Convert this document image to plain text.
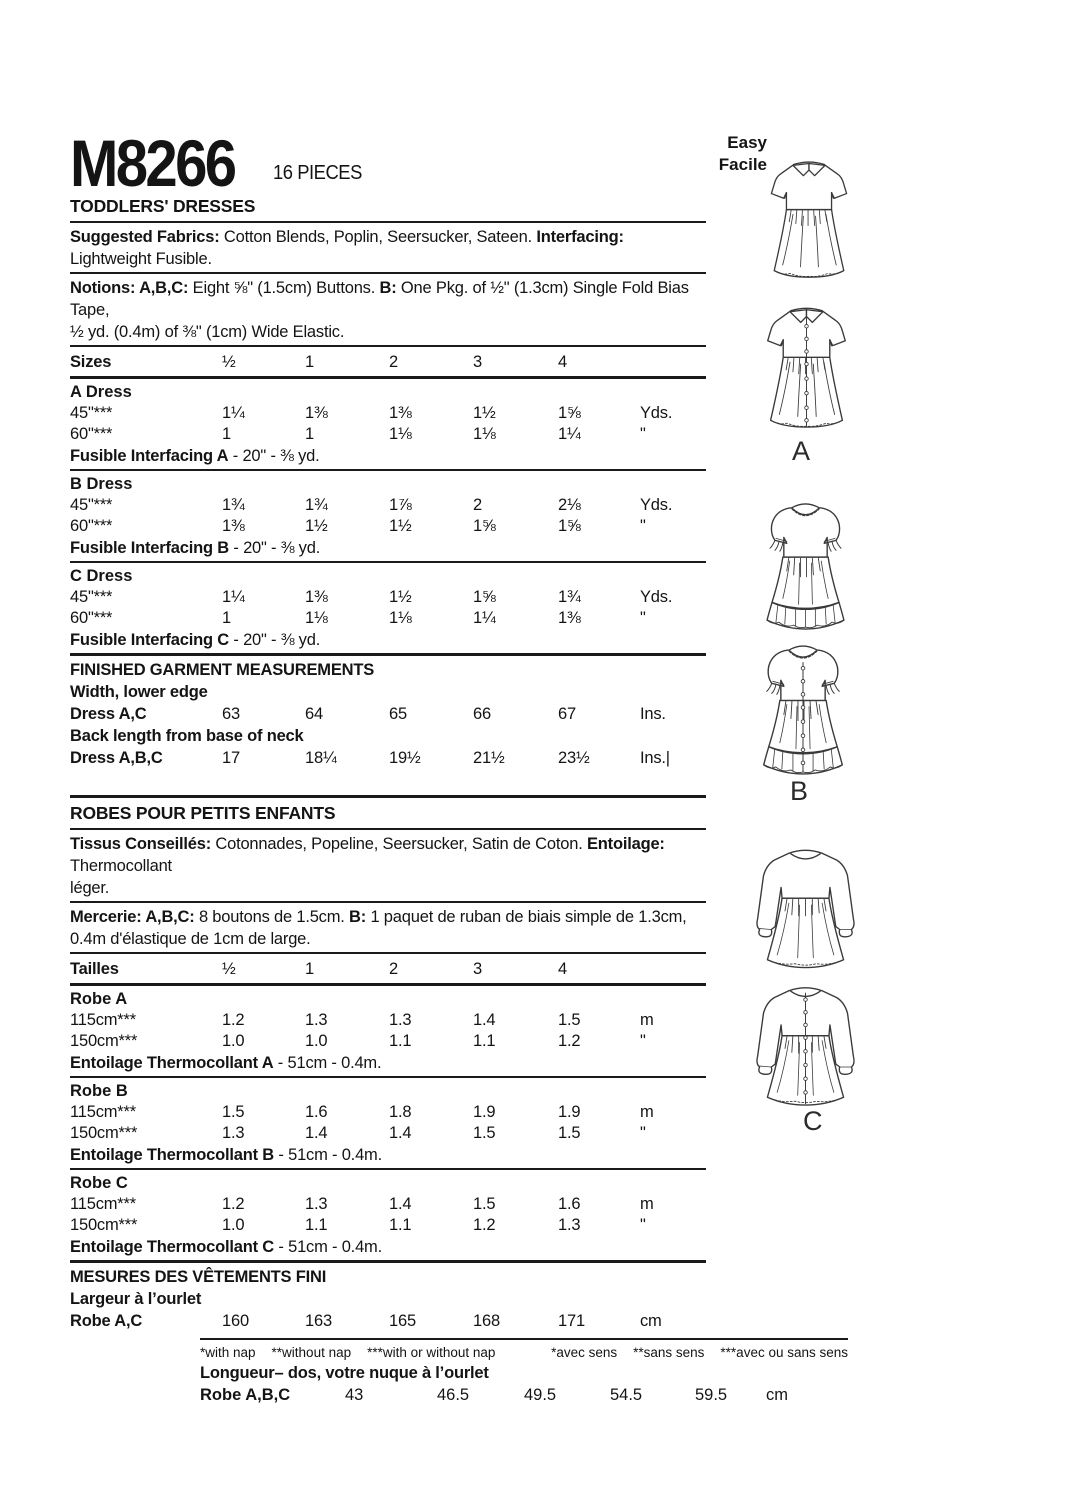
M8266 16 PIECES
Easy
Facile
TODDLERS' DRESSES
Suggested Fabrics: Cotton Blends, Poplin, Seersucker, Sateen. Interfacing: Lightweight Fusible.
Notions: A,B,C: Eight ⅝" (1.5cm) Buttons. B: One Pkg. of ½" (1.3cm) Single Fold Bias Tape,
½ yd. (0.4m) of ⅜" (1cm) Wide Elastic.
Sizes	½	1	2	3	4
A Dress
45"***	1¼	1⅜	1⅜	1½	1⅝	Yds.
60"***	1	1	1⅛	1⅛	1¼	"
Fusible Interfacing A - 20" - ⅜ yd.
B Dress
45"***	1¾	1¾	1⅞	2	2⅛	Yds.
60"***	1⅜	1½	1½	1⅝	1⅝	"
Fusible Interfacing B - 20" - ⅜ yd.
C Dress
45"***	1¼	1⅜	1½	1⅝	1¾	Yds.
60"***	1	1⅛	1⅛	1¼	1⅜	"
Fusible Interfacing C - 20" - ⅜ yd.
FINISHED GARMENT MEASUREMENTS
Width, lower edge
Dress A,C	63	64	65	66	67	Ins.
Back length from base of neck
Dress A,B,C	17	18¼	19½	21½	23½	Ins.|
ROBES POUR PETITS ENFANTS
Tissus Conseillés: Cotonnades, Popeline, Seersucker, Satin de Coton. Entoilage: Thermocollant
léger.
Mercerie: A,B,C: 8 boutons de 1.5cm. B: 1 paquet de ruban de biais simple de 1.3cm,
0.4m d'élastique de 1cm de large.
Tailles	½	1	2	3	4
Robe A
115cm***	1.2	1.3	1.3	1.4	1.5	m
150cm***	1.0	1.0	1.1	1.1	1.2	"
Entoilage Thermocollant A - 51cm - 0.4m.
Robe B
115cm***	1.5	1.6	1.8	1.9	1.9	m
150cm***	1.3	1.4	1.4	1.5	1.5	"
Entoilage Thermocollant B - 51cm - 0.4m.
Robe C
115cm***	1.2	1.3	1.4	1.5	1.6	m
150cm***	1.0	1.1	1.1	1.2	1.3	"
Entoilage Thermocollant C - 51cm - 0.4m.
MESURES DES VÊTEMENTS FINI
Largeur à l’ourlet
Robe A,C	160	163	165	168	171	cm
Longueur– dos, votre nuque à l’ourlet
Robe A,B,C	43	46.5	49.5	54.5	59.5	cm
*with nap **without nap ***with or without nap	*avec sens **sans sens ***avec ou sans sens
A
B
C
